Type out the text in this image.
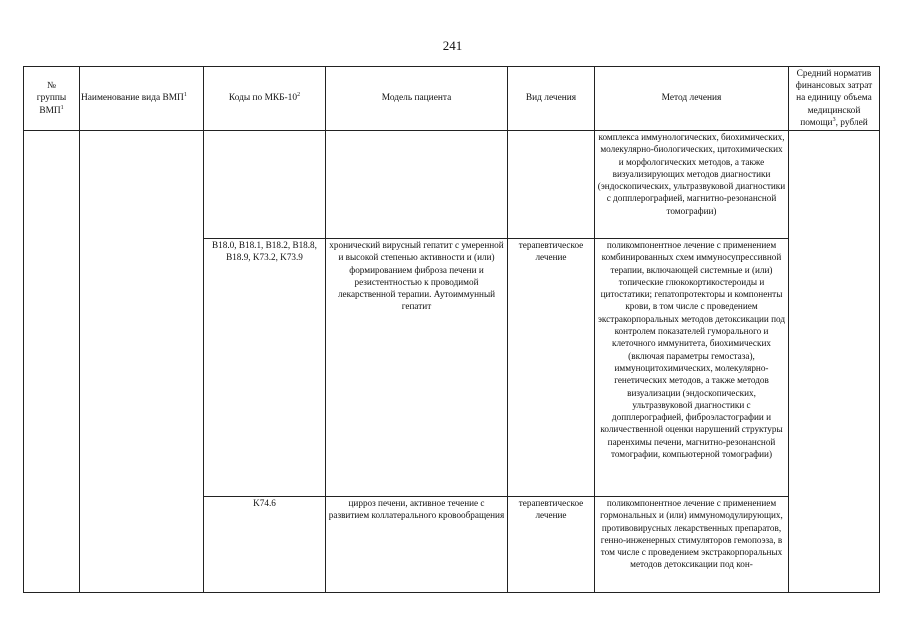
241
№
группы
ВМП$^1$	Наименование вида ВМП$^1$	Коды по МКБ-$10^2$	Модель пациента	Вид лечения	Метод лечения	Средний норматив финансовых затрат на единицу объема медицинской помощи$^3$, рублей
					комплекса иммунологических, биохимических, молекулярно-биологических, цитохимических и морфологических методов, а также визуализирующих методов диагностики (эндоскопических, ультразвуковой диагностики с допплерографией, магнитно-резонансной томографии)	
		B18.0, B18.1, B18.2, B18.8, B18.9, K73.2, K73.9	хронический вирусный гепатит с умеренной и высокой степенью активности и (или) формированием фиброза печени и резистентностью к проводимой лекарственной терапии. Аутоиммунный гепатит	терапевтическое лечение	поликомпонентное лечение с применением комбинированных схем иммуносупрессивной терапии, включающей системные и (или) топические глюкокортикостероиды и цитостатики; гепатопротекторы и компоненты крови, в том числе с проведением экстракорпоральных методов детоксикации под контролем показателей гуморального и клеточного иммунитета, биохимических (включая параметры гемостаза), иммуноцитохимических, молекулярно-генетических методов, а также методов визуализации (эндоскопических, ультразвуковой диагностики с допплерографией, фиброэластографии и количественной оценки нарушений структуры паренхимы печени, магнитно-резонансной томографии, компьютерной томографии)	
		K74.6	цирроз печени, активное течение с развитием коллатерального кровообращения	терапевтическое лечение	поликомпонентное лечение с применением гормональных и (или) иммуномодулирующих, противовирусных лекарственных препаратов, генно-инженерных стимуляторов гемопоэза, в том числе с проведением экстракорпоральных методов детоксикации под кон-	
